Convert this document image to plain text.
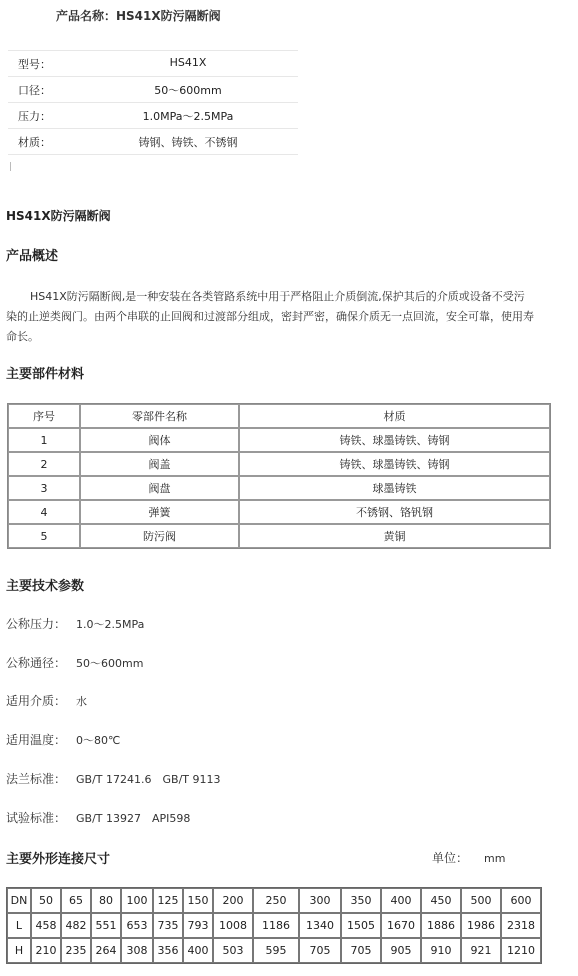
产品名称：HS41X防污隔断阀
型号：	HS41X
口径：	50～600mm
压力：	1.0MPa～2.5MPa
材质：	铸钢、铸铁、不锈钢
HS41X防污隔断阀
产品概述
HS41X防污隔断阀,是一种安装在各类管路系统中用于严格阻止介质倒流,保护其后的介质或设备不受污
染的止逆类阀门。由两个串联的止回阀和过渡部分组成，密封严密，确保介质无一点回流，安全可靠，使用寿
命长。
主要部件材料
序号	零部件名称	材质
1	阀体	铸铁、球墨铸铁、铸钢
2	阀盖	铸铁、球墨铸铁、铸钢
3	阀盘	球墨铸铁
4	弹簧	不锈钢、铬钒钢
5	防污阀	黄铜
主要技术参数
公称压力： 1.0～2.5MPa
公称通径： 50～600mm
适用介质： 水
适用温度： 0～80℃
法兰标准： GB/T 17241.6　GB/T 9113
试验标准： GB/T 13927　API598
主要外形连接尺寸	单位： mm
DN	50	65	80	100	125	150	200	250	300	350	400	450	500	600
L	458	482	551	653	735	793	1008	1186	1340	1505	1670	1886	1986	2318
H	210	235	264	308	356	400	503	595	705	705	905	910	921	1210
